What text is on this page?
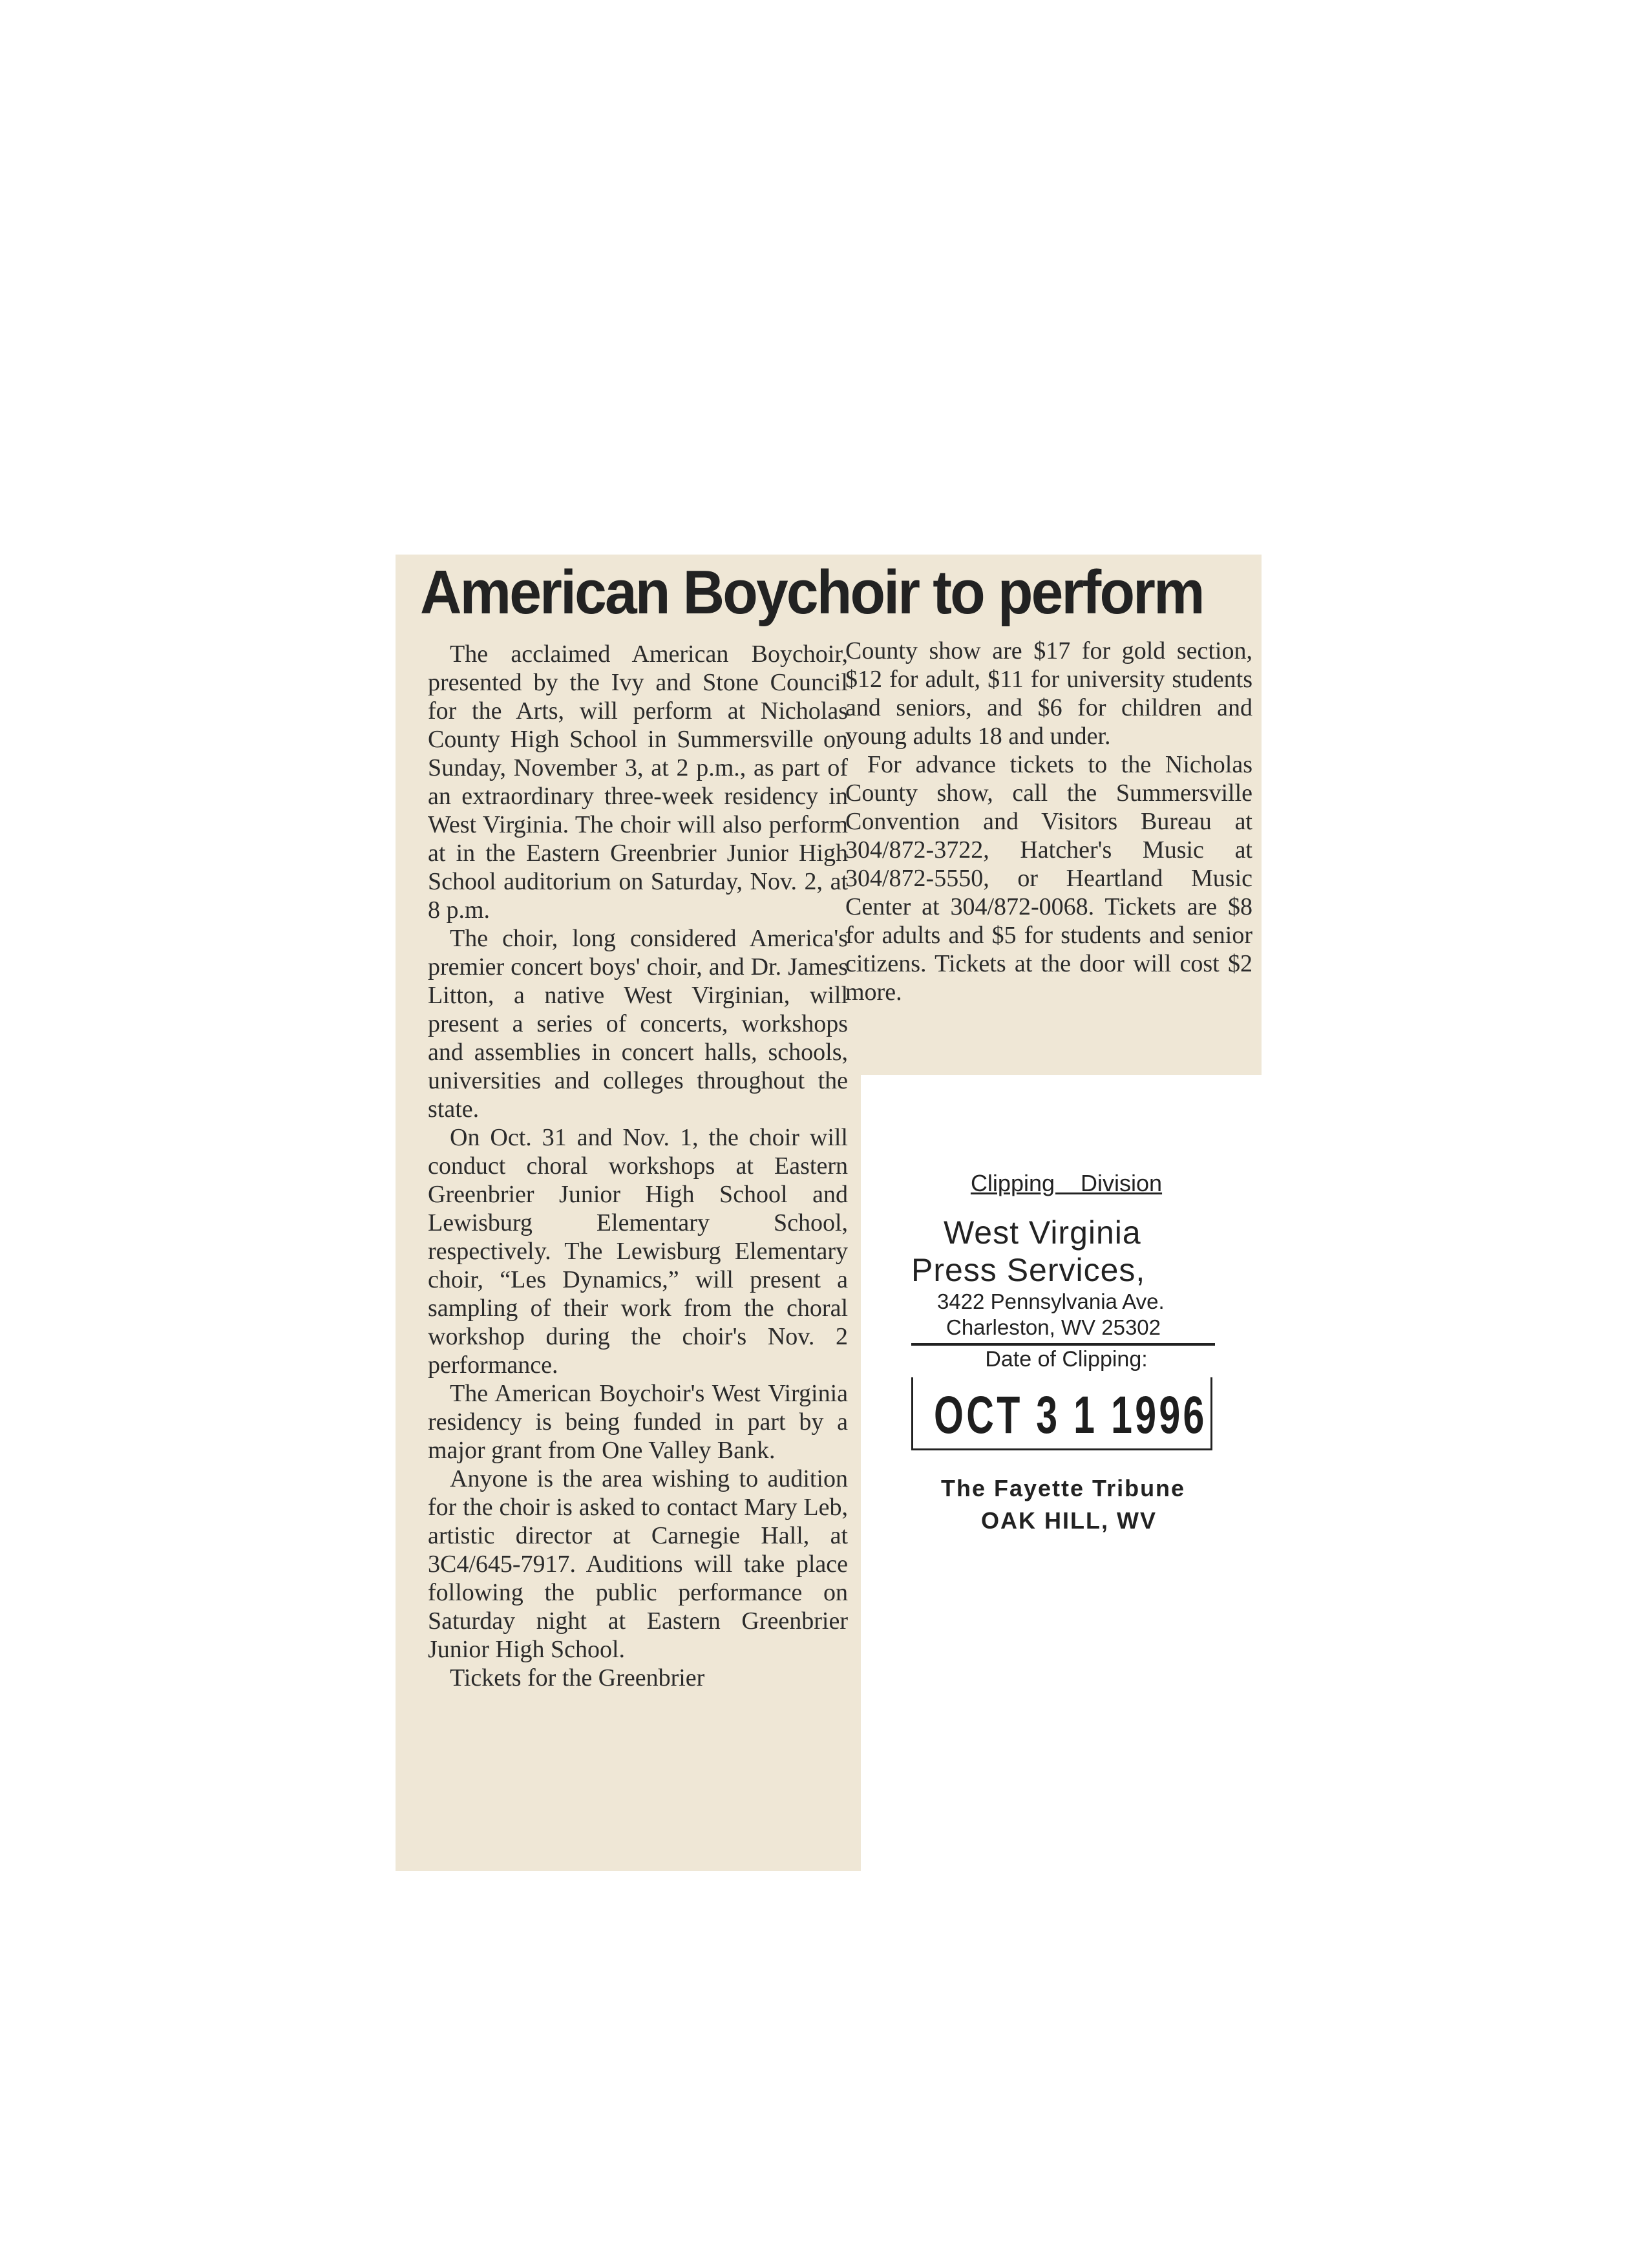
American Boychoir to perform

The acclaimed American Boychoir, presented by the Ivy and Stone Council for the Arts, will perform at Nicholas County High School in Summersville on Sunday, November 3, at 2 p.m., as part of an extraordinary three-week residency in West Virginia. The choir will also perform at in the Eastern Greenbrier Junior High School auditorium on Saturday, Nov. 2, at 8 p.m.

The choir, long considered America's premier concert boys' choir, and Dr. James Litton, a native West Virginian, will present a series of concerts, workshops and assemblies in concert halls, schools, universities and colleges throughout the state.

On Oct. 31 and Nov. 1, the choir will conduct choral workshops at Eastern Greenbrier Junior High School and Lewisburg Elementary School, respectively. The Lewisburg Elementary choir, “Les Dynamics,” will present a sampling of their work from the choral workshop during the choir's Nov. 2 performance.

The American Boychoir's West Virginia residency is being funded in part by a major grant from One Valley Bank.

Anyone is the area wishing to audition for the choir is asked to contact Mary Leb, artistic director at Carnegie Hall, at 3C4/645-7917. Auditions will take place following the public performance on Saturday night at Eastern Greenbrier Junior High School.

Tickets for the Greenbrier

County show are $17 for gold section, $12 for adult, $11 for university students and seniors, and $6 for children and young adults 18 and under.

For advance tickets to the Nicholas County show, call the Summersville Convention and Visitors Bureau at 304/872-3722, Hatcher's Music at 304/872-5550, or Heartland Music Center at 304/872-0068. Tickets are $8 for adults and $5 for students and senior citizens. Tickets at the door will cost $2 more.

Clipping Division
West Virginia
Press Services,
3422 Pennsylvania Ave.
Charleston, WV 25302
Date of Clipping:
OCT 3 1 1996
The Fayette Tribune
OAK HILL, WV
